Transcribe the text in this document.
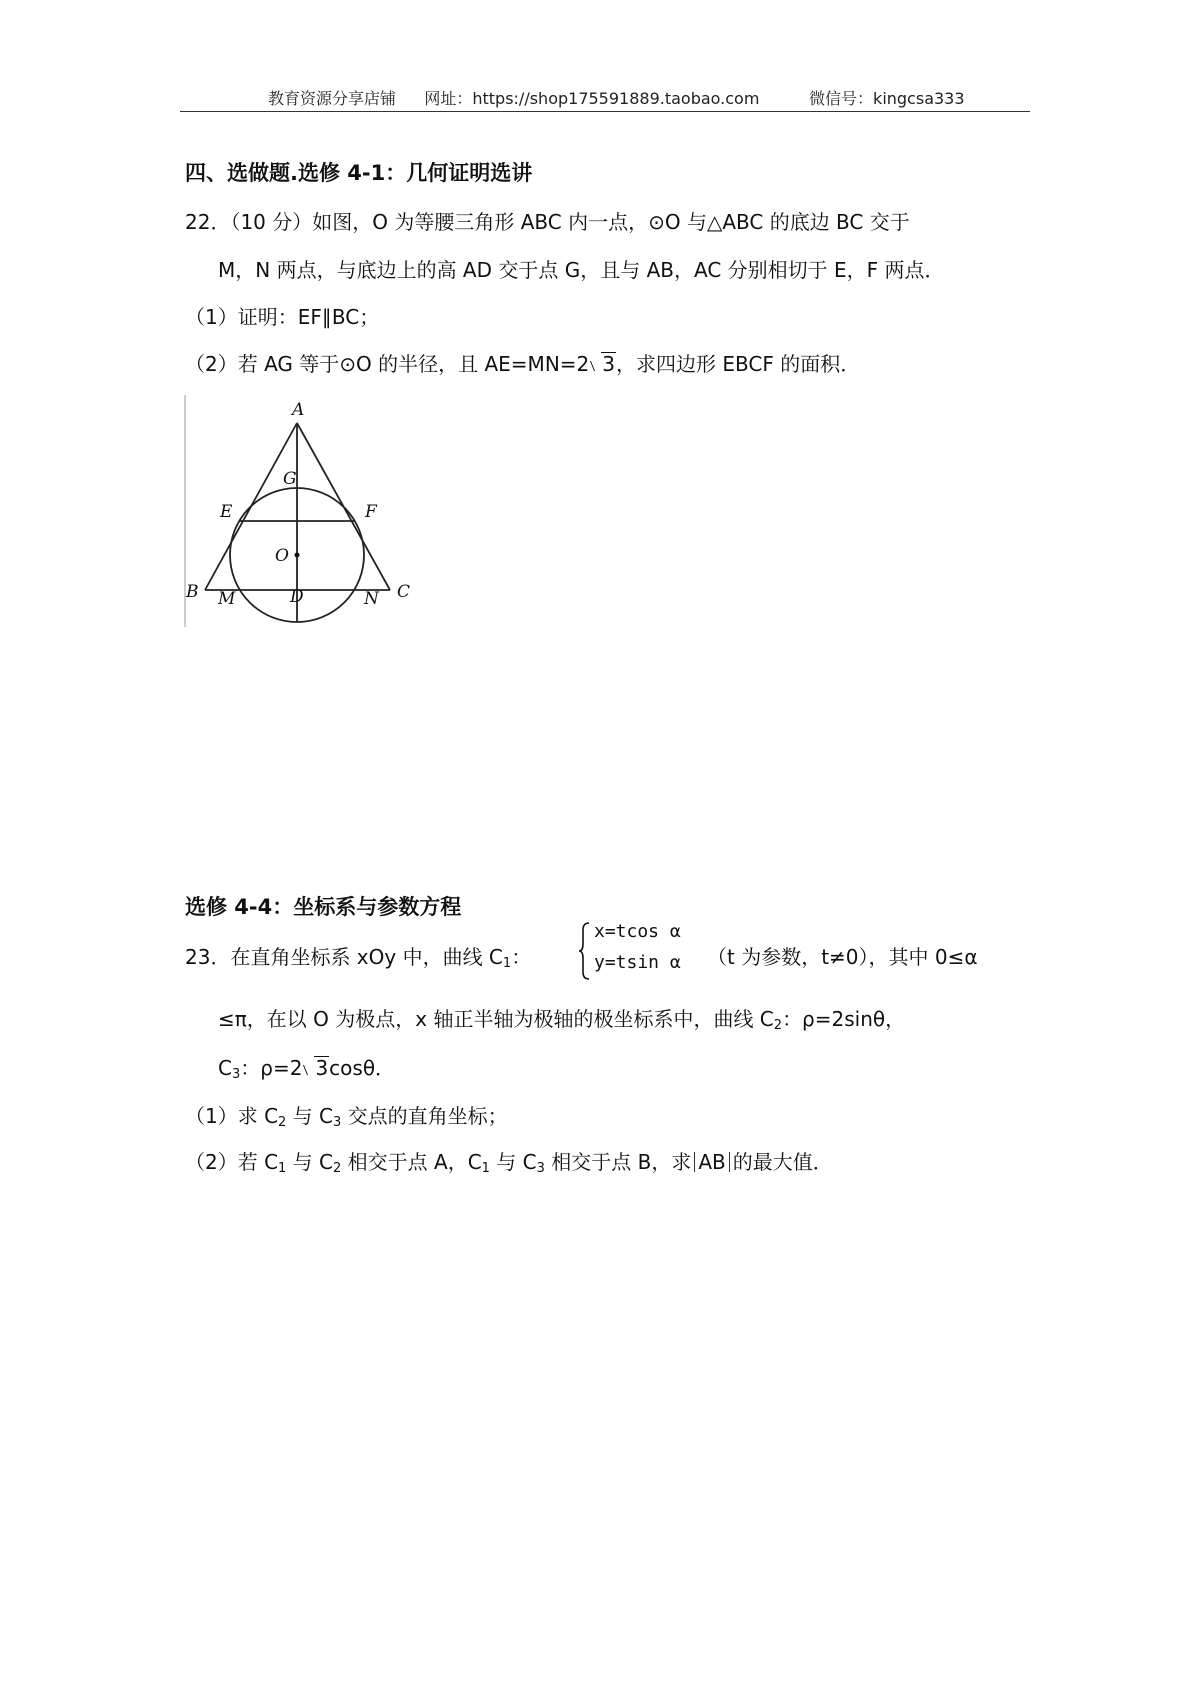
教育资源分享店铺 网址：https://shop175591889.taobao.com	微信号：kingcsa333
四、选做题.选修 4-1：几何证明选讲
22．（10 分）如图，O 为等腰三角形 ABC 内一点，⊙O 与△ABC 的底边 BC 交于
M，N 两点，与底边上的高 AD 交于点 G，且与 AB，AC 分别相切于 E，F 两点．
（1）证明：EF∥BC；
（2）若 AG 等于⊙O 的半径，且 AE=MN=2 3，求四边形 EBCF 的面积．
A
G
E	F
O
B M	D	N C
选修 4-4：坐标系与参数方程
23．在直角坐标系 xOy 中，曲线 $C_1$：
x=tcos α
y=tsin α （t 为参数，t≠0），其中 0≤α
≤π，在以 O 为极点，x 轴正半轴为极轴的极坐标系中，曲线 $C_2$：ρ=2sinθ，
$C_3$：ρ=2 3cosθ．
（1）求 $C_2$ 与 $C_3$ 交点的直角坐标；
（2）若 $C_1$ 与 $C_2$ 相交于点 A，$C_1$ 与 $C_3$ 相交于点 B，求 AB 的最大值．
